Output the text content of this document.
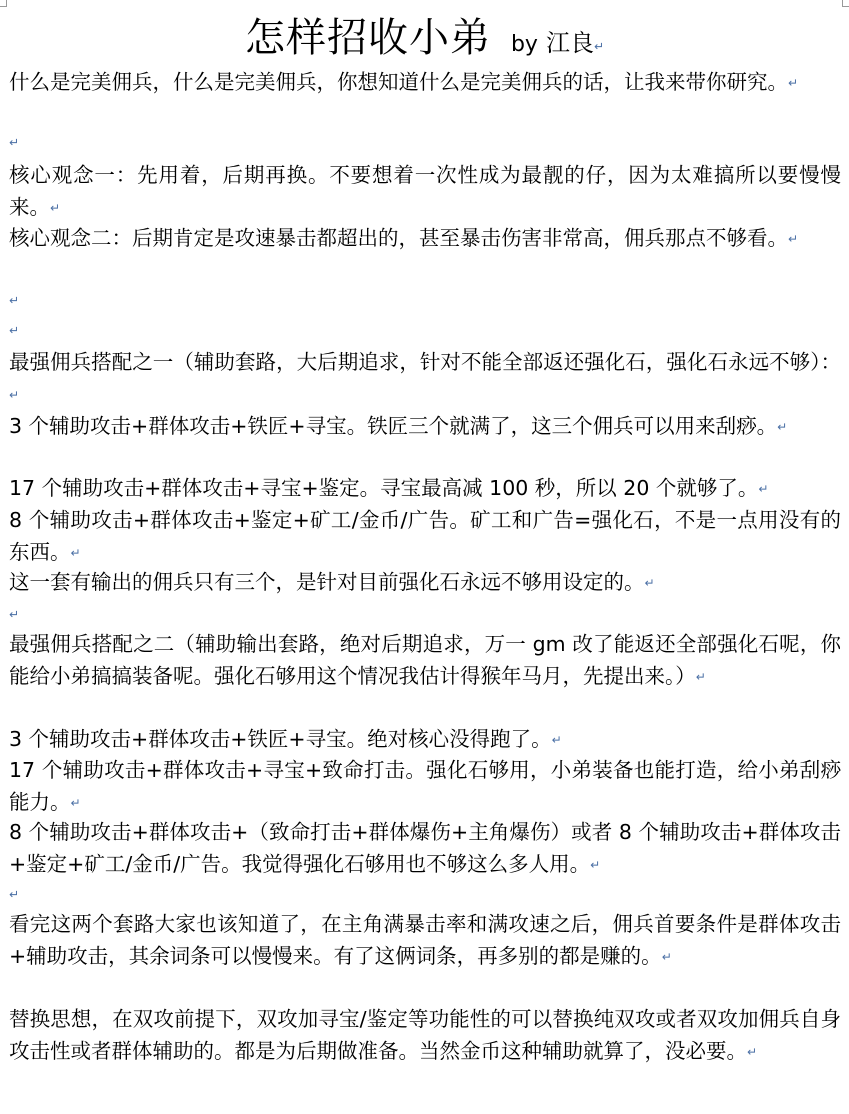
怎样招收小弟 by 江良↵
什么是完美佣兵，什么是完美佣兵，你想知道什么是完美佣兵的话，让我来带你研究。↵
↵
核心观念一：先用着，后期再换。不要想着一次性成为最靓的仔，因为太难搞所以要慢慢来。↵
核心观念二：后期肯定是攻速暴击都超出的，甚至暴击伤害非常高，佣兵那点不够看。↵
↵
↵
最强佣兵搭配之一（辅助套路，大后期追求，针对不能全部返还强化石，强化石永远不够）：↵
3 个辅助攻击+群体攻击+铁匠+寻宝。铁匠三个就满了，这三个佣兵可以用来刮痧。↵
17 个辅助攻击+群体攻击+寻宝+鉴定。寻宝最高减 100 秒，所以 20 个就够了。↵
8 个辅助攻击+群体攻击+鉴定+矿工/金币/广告。矿工和广告=强化石，不是一点用没有的东西。↵
这一套有输出的佣兵只有三个，是针对目前强化石永远不够用设定的。↵
↵
最强佣兵搭配之二（辅助输出套路，绝对后期追求，万一 gm 改了能返还全部强化石呢，你能给小弟搞搞装备呢。强化石够用这个情况我估计得猴年马月，先提出来。）↵
3 个辅助攻击+群体攻击+铁匠+寻宝。绝对核心没得跑了。↵
17 个辅助攻击+群体攻击+寻宝+致命打击。强化石够用，小弟装备也能打造，给小弟刮痧能力。↵
8 个辅助攻击+群体攻击+（致命打击+群体爆伤+主角爆伤）或者 8 个辅助攻击+群体攻击+鉴定+矿工/金币/广告。我觉得强化石够用也不够这么多人用。↵
↵
看完这两个套路大家也该知道了，在主角满暴击率和满攻速之后，佣兵首要条件是群体攻击+辅助攻击，其余词条可以慢慢来。有了这俩词条，再多别的都是赚的。↵
替换思想，在双攻前提下，双攻加寻宝/鉴定等功能性的可以替换纯双攻或者双攻加佣兵自身攻击性或者群体辅助的。都是为后期做准备。当然金币这种辅助就算了，没必要。↵
